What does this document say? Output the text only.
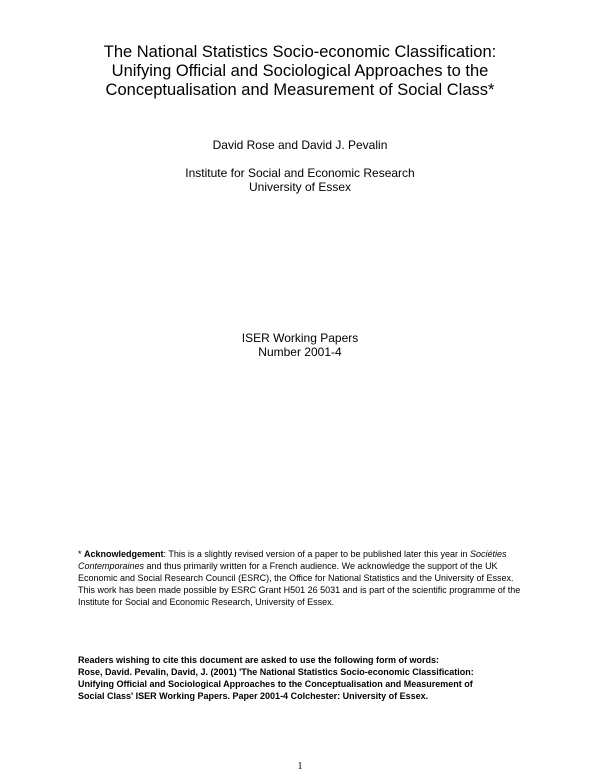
The National Statistics Socio-economic Classification:
Unifying Official and Sociological Approaches to the
Conceptualisation and Measurement of Social Class*
David Rose and David J. Pevalin
Institute for Social and Economic Research
University of Essex
ISER Working Papers
Number 2001-4
* Acknowledgement: This is a slightly revised version of a paper to be published later this year in Sociéties Contemporaines and thus primarily written for a French audience. We acknowledge the support of the UK Economic and Social Research Council (ESRC), the Office for National Statistics and the University of Essex. This work has been made possible by ESRC Grant H501 26 5031 and is part of the scientific programme of the Institute for Social and Economic Research, University of Essex.
Readers wishing to cite this document are asked to use the following form of words:
Rose, David. Pevalin, David, J. (2001) 'The National Statistics Socio-economic Classification:
Unifying Official and Sociological Approaches to the Conceptualisation and Measurement of
Social Class' ISER Working Papers. Paper 2001-4 Colchester: University of Essex.
1
